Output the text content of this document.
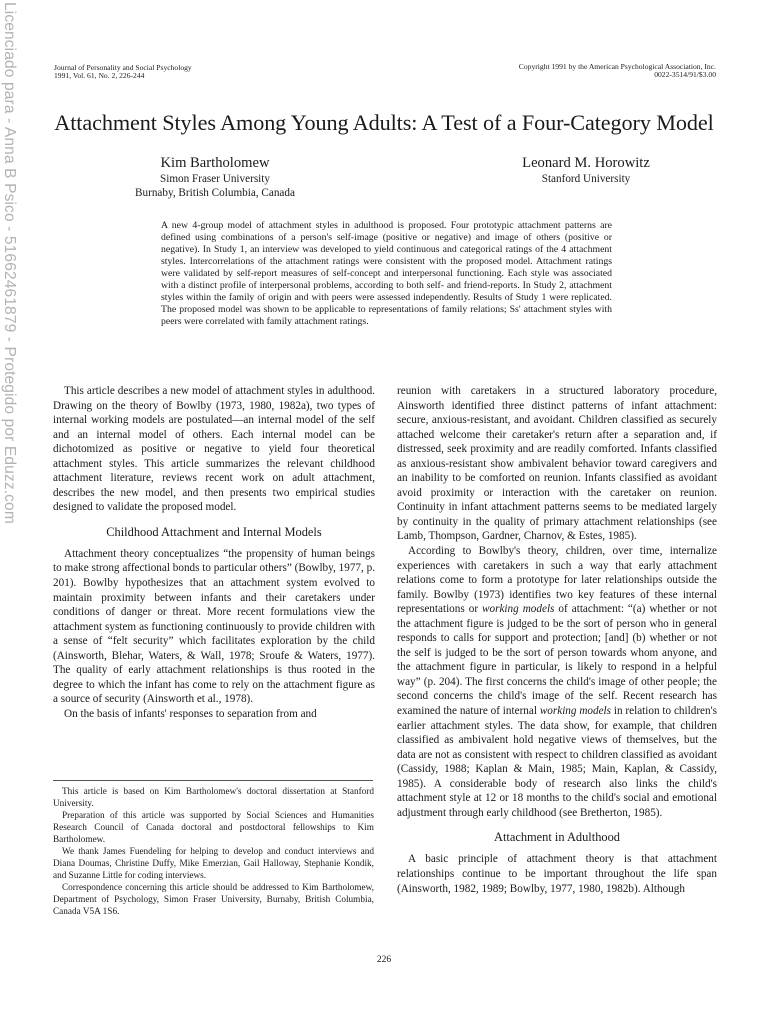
Licenciado para - Anna B Psico - 51662461879 - Protegido por Eduzz.com	Journal of Personality and Social Psychology
1991, Vol. 61, No. 2, 226-244
Copyright 1991 by the American Psychological Association, Inc.
0022-3514/91/$3.00
Attachment Styles Among Young Adults: A Test of a Four-Category Model
Kim Bartholomew
Simon Fraser University
Burnaby, British Columbia, Canada
Leonard M. Horowitz
Stanford University
A new 4-group model of attachment styles in adulthood is proposed. Four prototypic attachment patterns are defined using combinations of a person's self-image (positive or negative) and image of others (positive or negative). In Study 1, an interview was developed to yield continuous and categorical ratings of the 4 attachment styles. Intercorrelations of the attachment ratings were consistent with the proposed model. Attachment ratings were validated by self-report measures of self-concept and interpersonal functioning. Each style was associated with a distinct profile of interpersonal problems, according to both self- and friend-reports. In Study 2, attachment styles within the family of origin and with peers were assessed independently. Results of Study 1 were replicated. The proposed model was shown to be applicable to representations of family relations; Ss' attachment styles with peers were correlated with family attachment ratings.

This article describes a new model of attachment styles in adulthood. Drawing on the theory of Bowlby (1973, 1980, 1982a), two types of internal working models are postulated—an internal model of the self and an internal model of others. Each internal model can be dichotomized as positive or negative to yield four theoretical attachment styles. This article summarizes the relevant childhood attachment literature, reviews recent work on adult attachment, describes the new model, and then presents two empirical studies designed to validate the proposed model.

Childhood Attachment and Internal Models

Attachment theory conceptualizes “the propensity of human beings to make strong affectional bonds to particular others” (Bowlby, 1977, p. 201). Bowlby hypothesizes that an attachment system evolved to maintain proximity between infants and their caretakers under conditions of danger or threat. More recent formulations view the attachment system as functioning continuously to provide children with a sense of “felt security” which facilitates exploration by the child (Ainsworth, Blehar, Waters, & Wall, 1978; Sroufe & Waters, 1977). The quality of early attachment relationships is thus rooted in the degree to which the infant has come to rely on the attachment figure as a source of security (Ainsworth et al., 1978).

On the basis of infants' responses to separation from and

This article is based on Kim Bartholomew's doctoral dissertation at Stanford University.

Preparation of this article was supported by Social Sciences and Humanities Research Council of Canada doctoral and postdoctoral fellowships to Kim Bartholomew.

We thank James Fuendeling for helping to develop and conduct interviews and Diana Doumas, Christine Duffy, Mike Emerzian, Gail Halloway, Stephanie Kondik, and Suzanne Little for coding interviews.

Correspondence concerning this article should be addressed to Kim Bartholomew, Department of Psychology, Simon Fraser University, Burnaby, British Columbia, Canada V5A 1S6.

reunion with caretakers in a structured laboratory procedure, Ainsworth identified three distinct patterns of infant attachment: secure, anxious-resistant, and avoidant. Children classified as securely attached welcome their caretaker's return after a separation and, if distressed, seek proximity and are readily comforted. Infants classified as anxious-resistant show ambivalent behavior toward caregivers and an inability to be comforted on reunion. Infants classified as avoidant avoid proximity or interaction with the caretaker on reunion. Continuity in infant attachment patterns seems to be mediated largely by continuity in the quality of primary attachment relationships (see Lamb, Thompson, Gardner, Charnov, & Estes, 1985).

According to Bowlby's theory, children, over time, internalize experiences with caretakers in such a way that early attachment relations come to form a prototype for later relationships outside the family. Bowlby (1973) identifies two key features of these internal representations or working models of attachment: “(a) whether or not the attachment figure is judged to be the sort of person who in general responds to calls for support and protection; [and] (b) whether or not the self is judged to be the sort of person towards whom anyone, and the attachment figure in particular, is likely to respond in a helpful way” (p. 204). The first concerns the child's image of other people; the second concerns the child's image of the self. Recent research has examined the nature of internal working models in relation to children's earlier attachment styles. The data show, for example, that children classified as ambivalent hold negative views of themselves, but the data are not as consistent with respect to children classified as avoidant (Cassidy, 1988; Kaplan & Main, 1985; Main, Kaplan, & Cassidy, 1985). A considerable body of research also links the child's attachment style at 12 or 18 months to the child's social and emotional adjustment through early childhood (see Bretherton, 1985).

Attachment in Adulthood

A basic principle of attachment theory is that attachment relationships continue to be important throughout the life span (Ainsworth, 1982, 1989; Bowlby, 1977, 1980, 1982b). Although

226
